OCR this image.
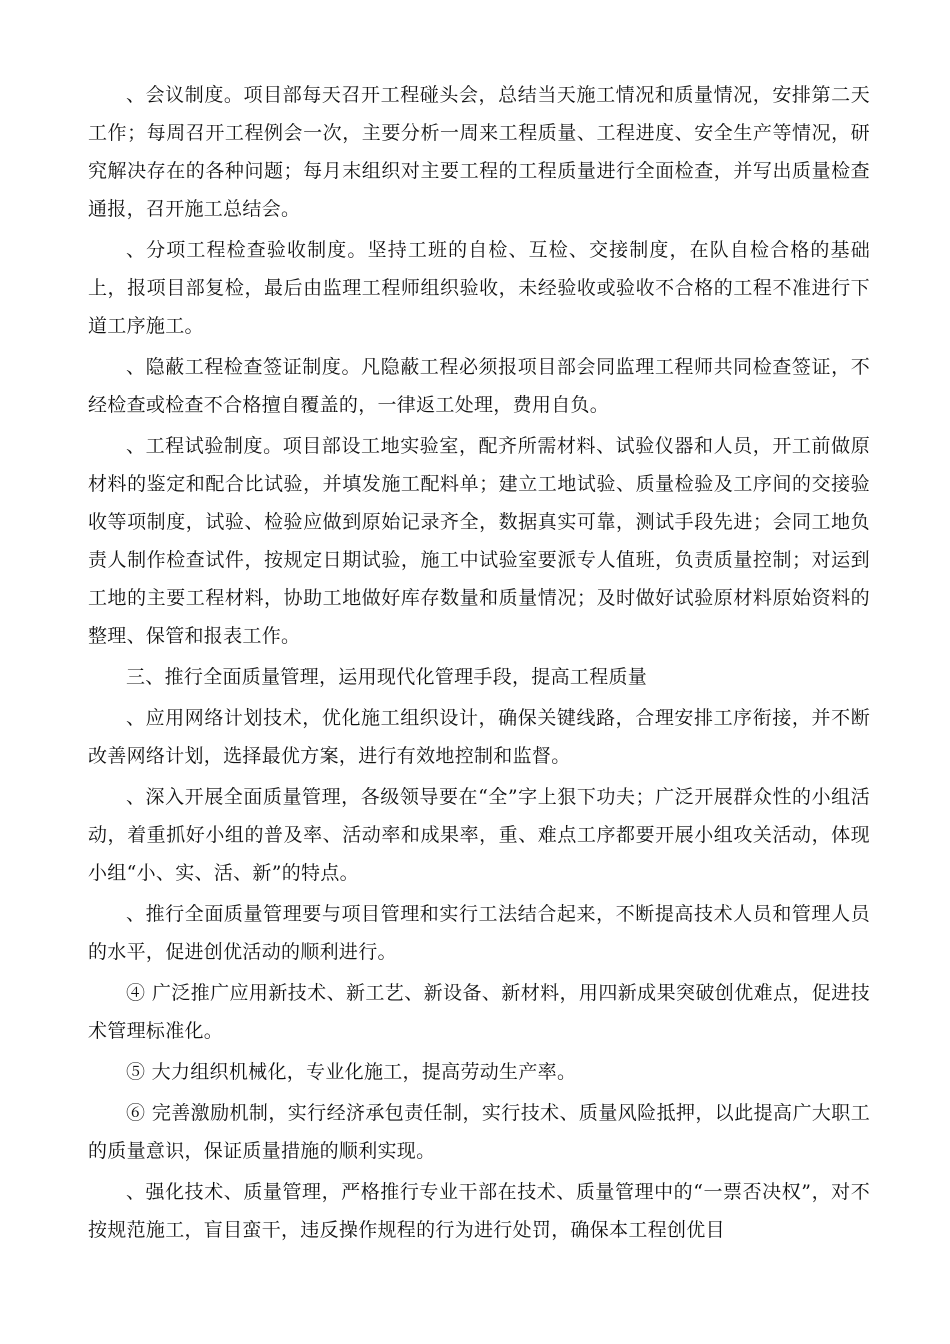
、会议制度。项目部每天召开工程碰头会，总结当天施工情况和质量情况，安排第二天工作；每周召开工程例会一次，主要分析一周来工程质量、工程进度、安全生产等情况，研究解决存在的各种问题；每月末组织对主要工程的工程质量进行全面检查，并写出质量检查通报，召开施工总结会。

、分项工程检查验收制度。坚持工班的自检、互检、交接制度，在队自检合格的基础上，报项目部复检，最后由监理工程师组织验收，未经验收或验收不合格的工程不准进行下道工序施工。

、隐蔽工程检查签证制度。凡隐蔽工程必须报项目部会同监理工程师共同检查签证，不经检查或检查不合格擅自覆盖的，一律返工处理，费用自负。

、工程试验制度。项目部设工地实验室，配齐所需材料、试验仪器和人员，开工前做原材料的鉴定和配合比试验，并填发施工配料单；建立工地试验、质量检验及工序间的交接验收等项制度，试验、检验应做到原始记录齐全，数据真实可靠，测试手段先进；会同工地负责人制作检查试件，按规定日期试验，施工中试验室要派专人值班，负责质量控制；对运到工地的主要工程材料，协助工地做好库存数量和质量情况；及时做好试验原材料原始资料的整理、保管和报表工作。

三、推行全面质量管理，运用现代化管理手段，提高工程质量

、应用网络计划技术，优化施工组织设计，确保关键线路，合理安排工序衔接，并不断改善网络计划，选择最优方案，进行有效地控制和监督。

、深入开展全面质量管理，各级领导要在“全”字上狠下功夫；广泛开展群众性的小组活动，着重抓好小组的普及率、活动率和成果率，重、难点工序都要开展小组攻关活动，体现小组“小、实、活、新”的特点。

、推行全面质量管理要与项目管理和实行工法结合起来，不断提高技术人员和管理人员的水平，促进创优活动的顺利进行。

④ 广泛推广应用新技术、新工艺、新设备、新材料，用四新成果突破创优难点，促进技术管理标准化。

⑤ 大力组织机械化，专业化施工，提高劳动生产率。

⑥ 完善激励机制，实行经济承包责任制，实行技术、质量风险抵押，以此提高广大职工的质量意识，保证质量措施的顺利实现。

、强化技术、质量管理，严格推行专业干部在技术、质量管理中的“一票否决权”，对不按规范施工，盲目蛮干，违反操作规程的行为进行处罚，确保本工程创优目
